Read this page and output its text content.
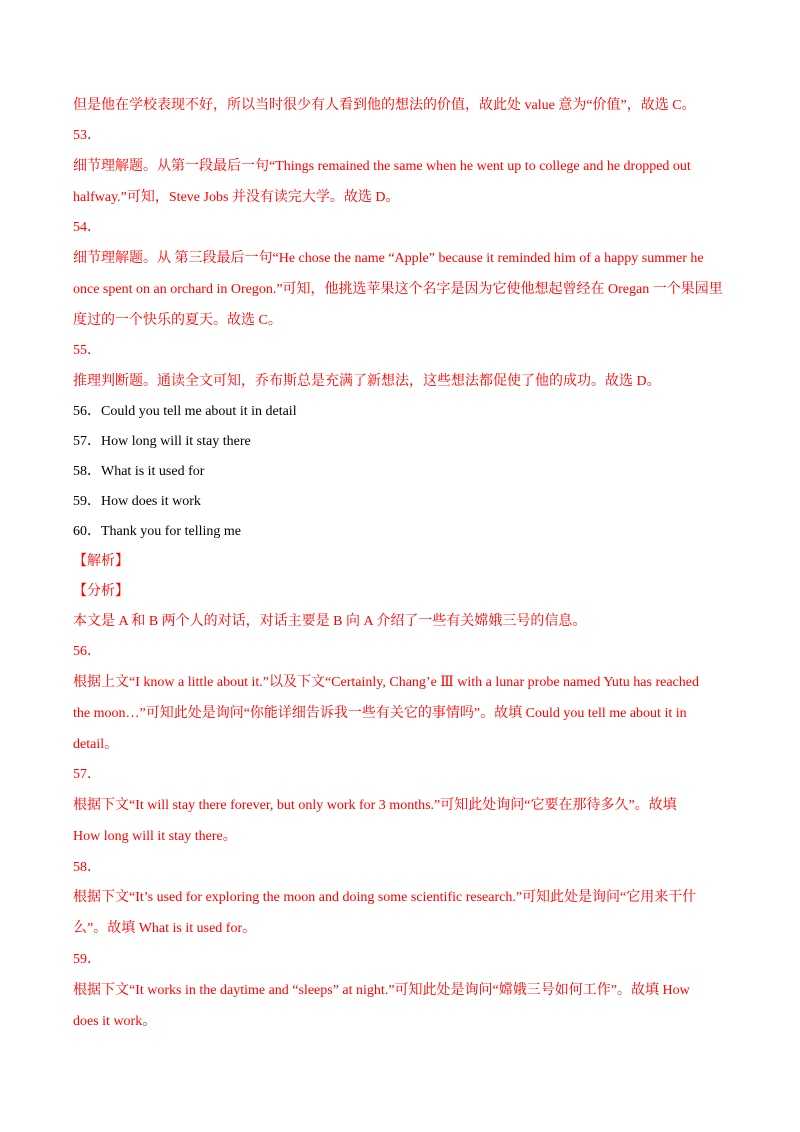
但是他在学校表现不好，所以当时很少有人看到他的想法的价值，故此处 value 意为“价值”，故选 C。
53．
细节理解题。从第一段最后一句“Things remained the same when he went up to college and he dropped out
halfway.”可知，Steve Jobs 并没有读完大学。故选 D。
54．
细节理解题。从 第三段最后一句“He chose the name “Apple” because it reminded him of a happy summer he
once spent on an orchard in Oregon.”可知，他挑选苹果这个名字是因为它使他想起曾经在 Oregan 一个果园里
度过的一个快乐的夏天。故选 C。
55．
推理判断题。通读全文可知，乔布斯总是充满了新想法，这些想法都促使了他的成功。故选 D。
56．Could you tell me about it in detail
57．How long will it stay there
58．What is it used for
59．How does it work
60．Thank you for telling me
【解析】
【分析】
本文是 A 和 B 两个人的对话，对话主要是 B 向 A 介绍了一些有关嫦娥三号的信息。
56．
根据上文“I know a little about it.”以及下文“Certainly, Chang’e Ⅲ with a lunar probe named Yutu has reached
the moon…”可知此处是询问“你能详细告诉我一些有关它的事情吗”。故填 Could you tell me about it in
detail。
57．
根据下文“It will stay there forever, but only work for 3 months.”可知此处询问“它要在那待多久”。故填
How long will it stay there。
58．
根据下文“It’s used for exploring the moon and doing some scientific research.”可知此处是询问“它用来干什
么”。故填 What is it used for。
59．
根据下文“It works in the daytime and “sleeps” at night.”可知此处是询问“嫦娥三号如何工作”。故填 How
does it work。
